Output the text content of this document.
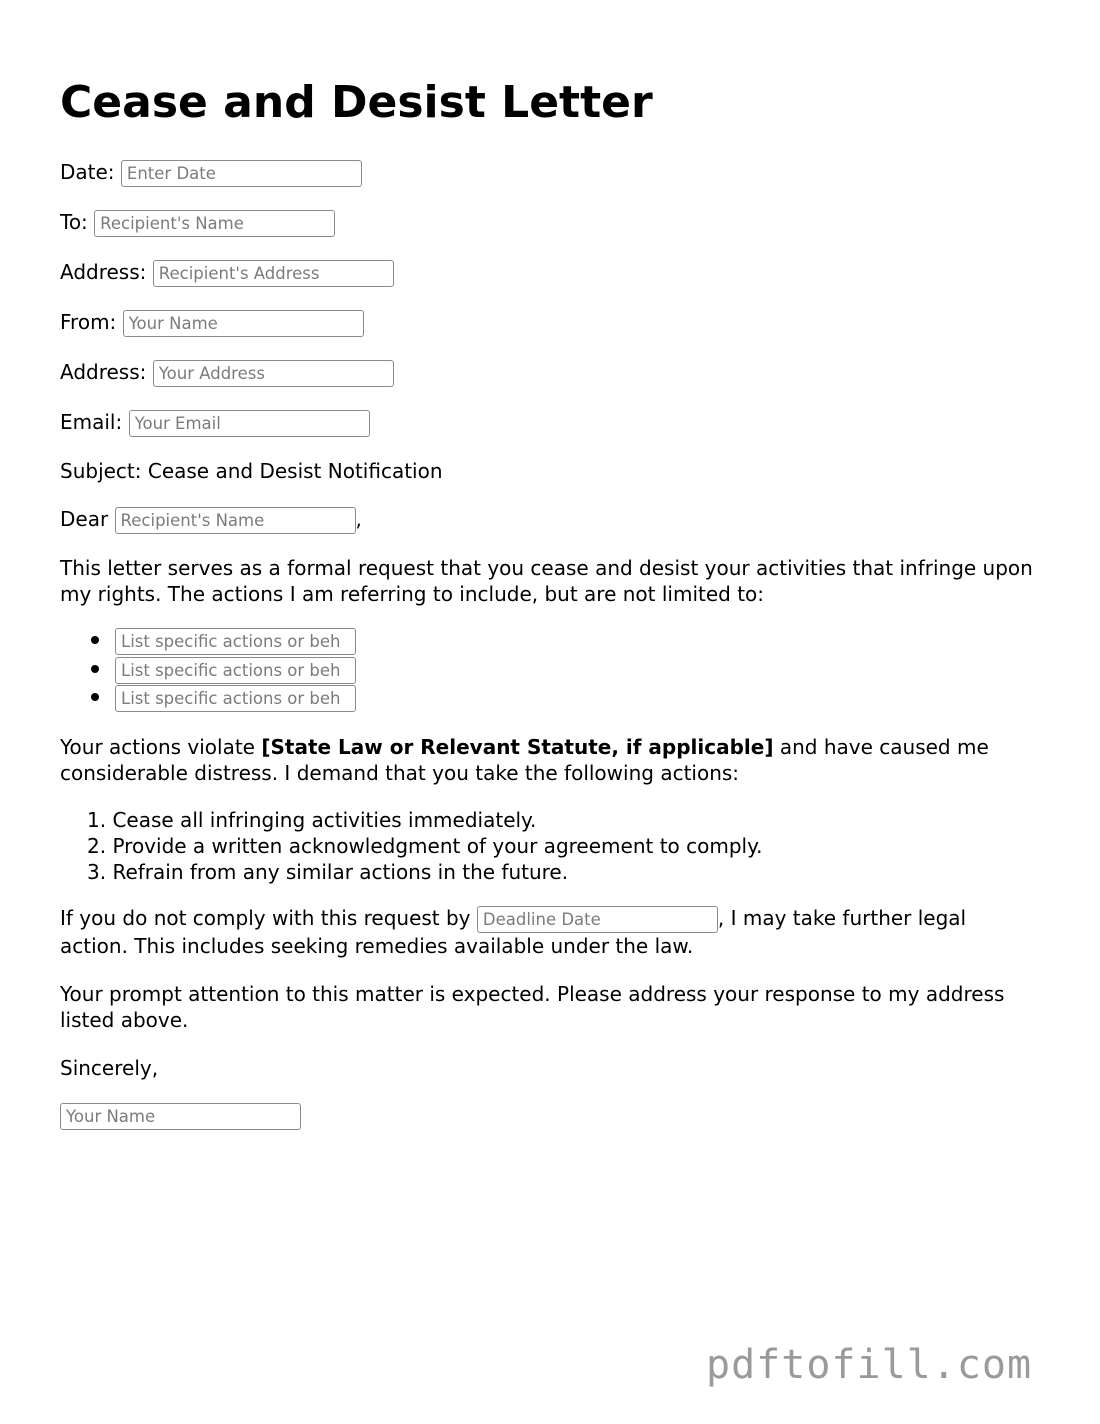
Cease and Desist Letter
Date: Enter Date
To: Recipient's Name
Address: Recipient's Address
From: Your Name
Address: Your Address
Email: Your Email
Subject: Cease and Desist Notification
Dear Recipient's Name	,

This letter serves as a formal request that you cease and desist your activities that infringe upon my rights. The actions I am referring to include, but are not limited to:

List specific actions or beh
List specific actions or beh
List specific actions or beh

Your actions violate [State Law or Relevant Statute, if applicable] and have caused me considerable distress. I demand that you take the following actions:

1. Cease all infringing activities immediately.
2. Provide a written acknowledgment of your agreement to comply.
3. Refrain from any similar actions in the future.

If you do not comply with this request by Deadline Date	, I may take further legal action. This includes seeking remedies available under the law.

Your prompt attention to this matter is expected. Please address your response to my address listed above.

Sincerely,
Your Name
pdftofill.com
